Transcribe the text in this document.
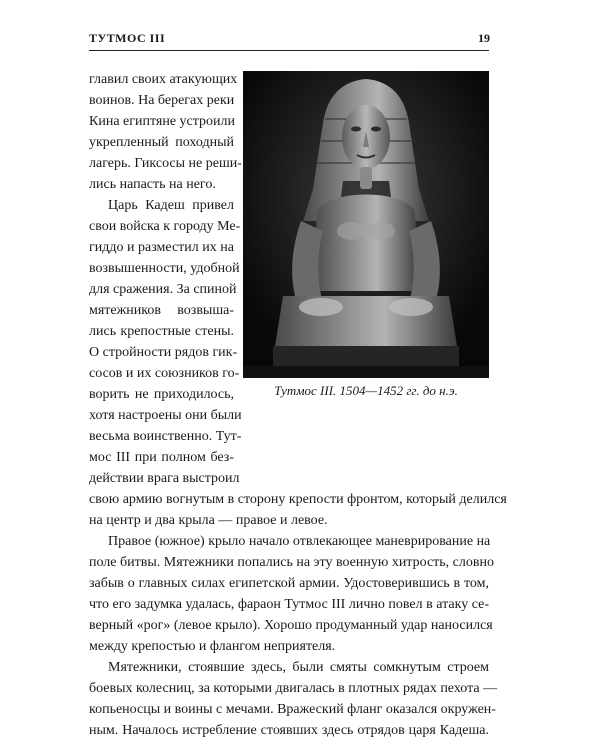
ТУТМОС III	19
главил своих атакующих
воинов. На берегах реки
Кина египтяне устроили
укрепленный походный
лагерь. Гиксосы не реши-
лись напасть на него.
Царь Кадеш привел
свои войска к городу Ме-
гиддо и разместил их на
возвышенности, удобной
для сражения. За спиной
мятежников возвыша-
лись крепостные стены.
О стройности рядов гик-
сосов и их союзников го-
ворить не приходилось,
хотя настроены они были
весьма воинственно. Тут-
мос III при полном без-
действии врага выстроил
Тутмос III. 1504—1452 гг. до н.э.
свою армию вогнутым в сторону крепости фронтом, который делился
на центр и два крыла — правое и левое.
Правое (южное) крыло начало отвлекающее маневрирование на
поле битвы. Мятежники попались на эту военную хитрость, словно
забыв о главных силах египетской армии. Удостоверившись в том,
что его задумка удалась, фараон Тутмос III лично повел в атаку се-
верный «рог» (левое крыло). Хорошо продуманный удар наносился
между крепостью и флангом неприятеля.
Мятежники, стоявшие здесь, были смяты сомкнутым строем
боевых колесниц, за которыми двигалась в плотных рядах пехота —
копьеносцы и воины с мечами. Вражеский фланг оказался окружен-
ным. Началось истребление стоявших здесь отрядов царя Кадеша.
